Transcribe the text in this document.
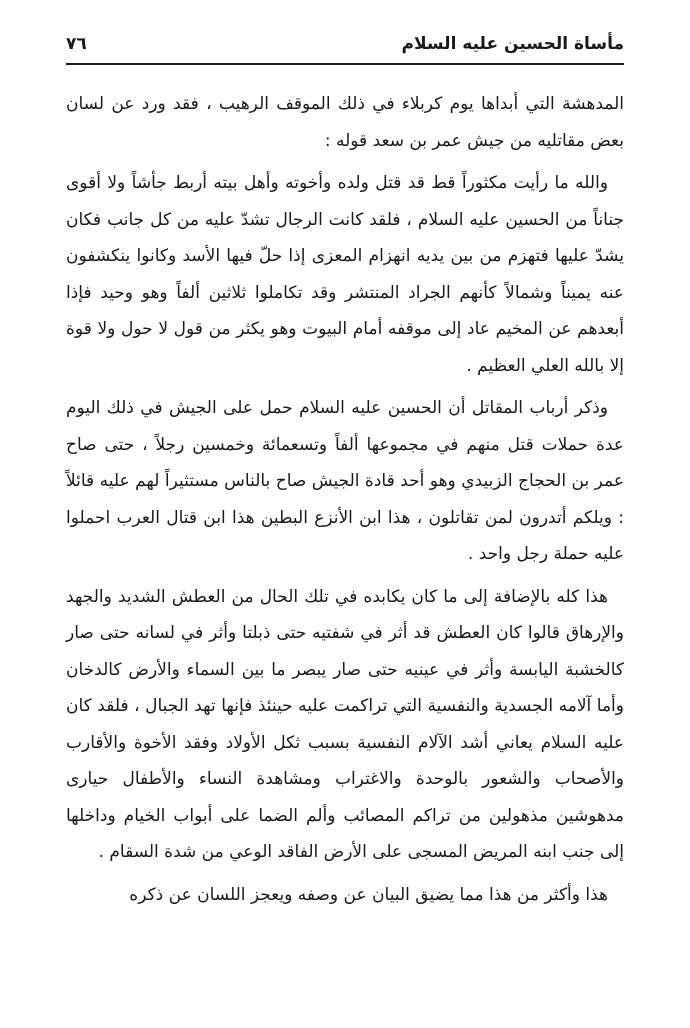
مأساة الحسين عليه السلام
٧٦

المدهشة التي أبداها يوم كربلاء في ذلك الموقف الرهيب ، فقد ورد عن لسان بعض مقاتليه من جيش عمر بن سعد قوله :

والله ما رأيت مكثوراً قط قد قتل ولده وأخوته وأهل بيته أربط جأشاً ولا أقوى جناناً من الحسين عليه السلام ، فلقد كانت الرجال تشدّ عليه من كل جانب فكان يشدّ عليها فتهزم من بين يديه انهزام المعزى إذا حلّ فيها الأسد وكانوا ينكشفون عنه يميناً وشمالاً كأنهم الجراد المنتشر وقد تكاملوا ثلاثين ألفاً وهو وحيد فإذا أبعدهم عن المخيم عاد إلى موقفه أمام البيوت وهو يكثر من قول لا حول ولا قوة إلا بالله العلي العظيم .

وذكر أرباب المقاتل أن الحسين عليه السلام حمل على الجيش في ذلك اليوم عدة حملات قتل منهم في مجموعها ألفاً وتسعمائة وخمسين رجلاً ، حتى صاح عمر بن الحجاج الزبيدي وهو أحد قادة الجيش صاح بالناس مستثيراً لهم عليه قائلاً : ويلكم أتدرون لمن تقاتلون ، هذا ابن الأنزع البطين هذا ابن قتال العرب احملوا عليه حملة رجل واحد .

هذا كله بالإضافة إلى ما كان يكابده في تلك الحال من العطش الشديد والجهد والإرهاق قالوا كان العطش قد أثر في شفتيه حتى ذبلتا وأثر في لسانه حتى صار كالخشبة اليابسة وأثر في عينيه حتى صار يبصر ما بين السماء والأرض كالدخان وأما آلامه الجسدية والنفسية التي تراكمت عليه حينئذ فإنها تهد الجبال ، فلقد كان عليه السلام يعاني أشد الآلام النفسية بسبب ثكل الأولاد وفقد الأخوة والأقارب والأصحاب والشعور بالوحدة والاغتراب ومشاهدة النساء والأطفال حيارى مدهوشين مذهولين من تراكم المصائب وألم الضما على أبواب الخيام وداخلها إلى جنب ابنه المريض المسجى على الأرض الفاقد الوعي من شدة السقام .

هذا وأكثر من هذا مما يضيق البيان عن وصفه ويعجز اللسان عن ذكره
